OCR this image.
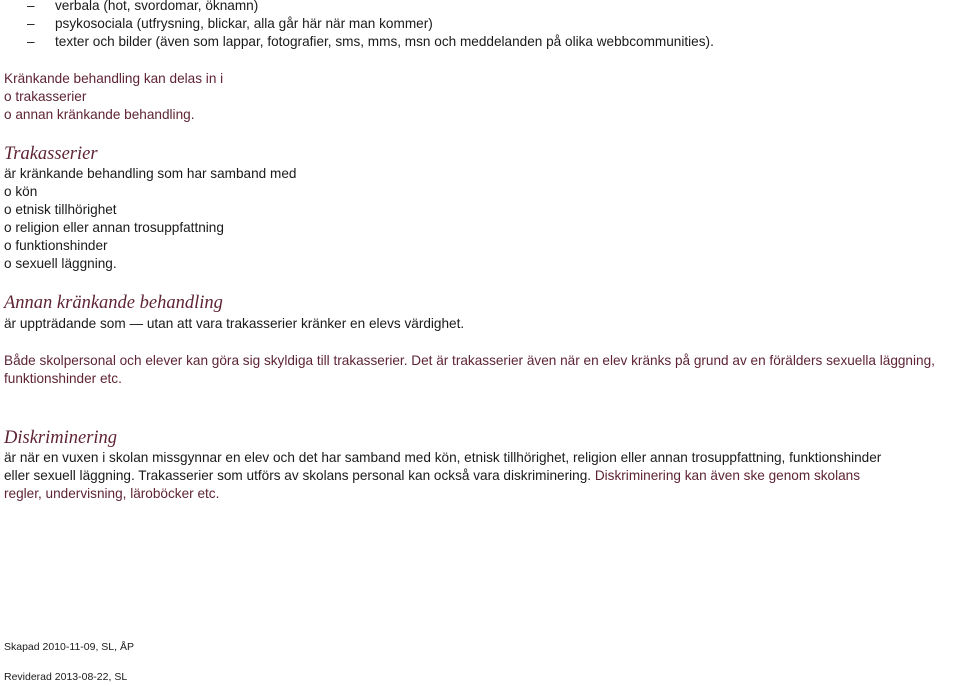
– verbala (hot, svordomar, öknamn)
– psykosociala (utfrysning, blickar, alla går här när man kommer)
– texter och bilder (även som lappar, fotografier, sms, mms, msn och meddelanden på olika webbcommunities).
Kränkande behandling kan delas in i
o trakasserier
o annan kränkande behandling.
Trakasserier
är kränkande behandling som har samband med
o kön
o etnisk tillhörighet
o religion eller annan trosuppfattning
o funktionshinder
o sexuell läggning.
Annan kränkande behandling
är uppträdande som — utan att vara trakasserier kränker en elevs värdighet.
Både skolpersonal och elever kan göra sig skyldiga till trakasserier. Det är trakasserier även när en elev kränks på grund av en förälders sexuella läggning,
funktionshinder etc.
Diskriminering
är när en vuxen i skolan missgynnar en elev och det har samband med kön, etnisk tillhörighet, religion eller annan trosuppfattning, funktionshinder
eller sexuell läggning. Trakasserier som utförs av skolans personal kan också vara diskriminering. Diskriminering kan även ske genom skolans
regler, undervisning, läroböcker etc.
Skapad 2010-11-09, SL, ÅP
Reviderad 2013-08-22, SL
